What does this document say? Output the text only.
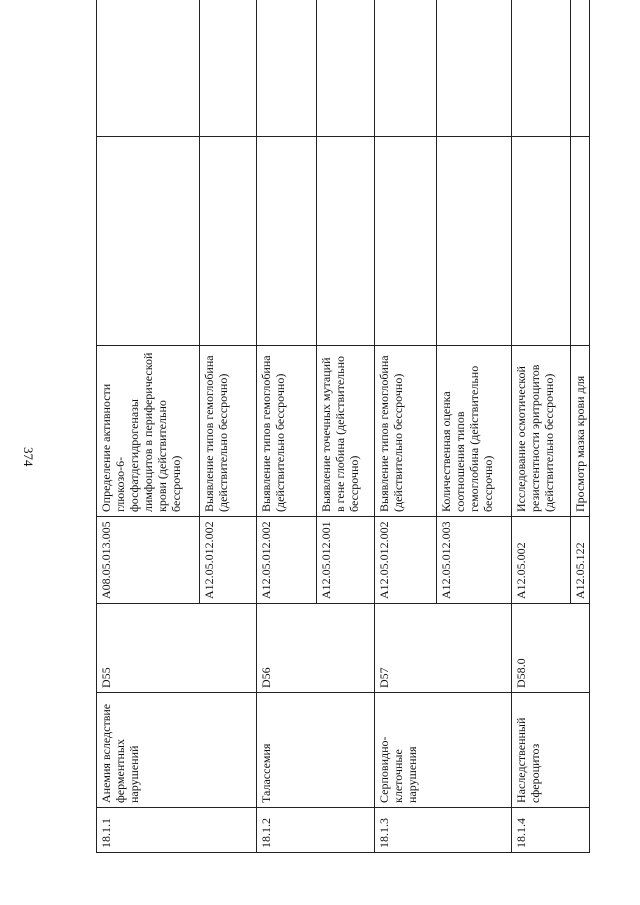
374
18.1.1	Анемия вследствие ферментных нарушений	D55	A08.05.013.005	Определение активности глюкозо-6-фосфатдегидрогеназы лимфоцитов в периферической крови (действительно бессрочно)		
			A12.05.012.002	Выявление типов гемоглобина (действительно бессрочно)		
18.1.2	Талассемия	D56	A12.05.012.002	Выявление типов гемоглобина (действительно бессрочно)		
			A12.05.012.001	Выявление точечных мутаций в гене глобина (действительно бессрочно)		
18.1.3	Серповидно-клеточные нарушения	D57	A12.05.012.002	Выявление типов гемоглобина (действительно бессрочно)		
			A12.05.012.003	Количественная оценка соотношения типов гемоглобина (действительно бессрочно)		
18.1.4	Наследственный сфероцитоз	D58.0	A12.05.002	Исследование осмотической резистентности эритроцитов (действительно бессрочно)		
			A12.05.122	Просмотр мазка крови для		
